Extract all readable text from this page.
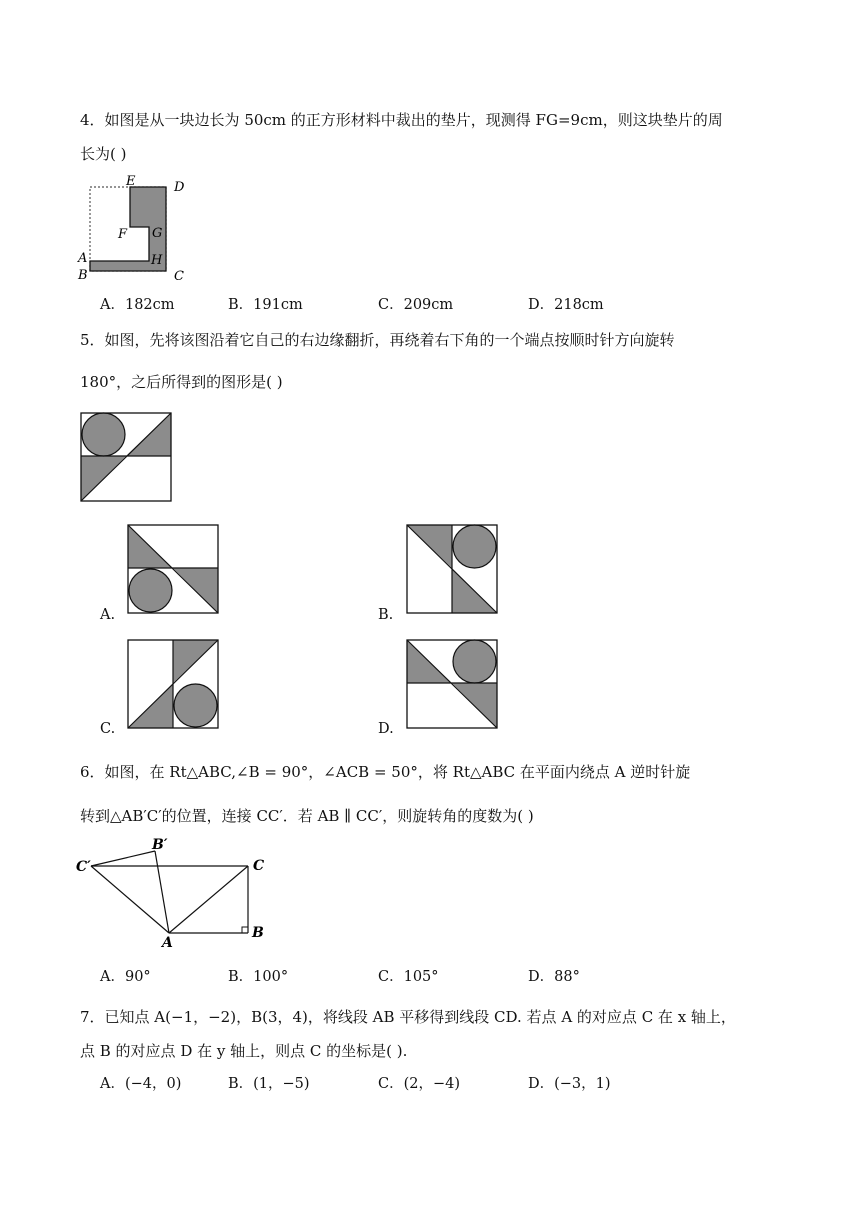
4．如图是从一块边长为 50cm 的正方形材料中裁出的垫片，现测得 FG=9cm，则这块垫片的周
长为( )
E	D
F G
A	H
B	C
A．182cm	B．191cm	C．209cm	D．218cm
5．如图，先将该图沿着它自己的右边缘翻折，再绕着右下角的一个端点按顺时针方向旋转
180°，之后所得到的图形是( )
A.	B.
C.	D.
6．如图，在 Rt△ABC,∠B = 90°，∠ACB = 50°，将 Rt△ABC 在平面内绕点 A 逆时针旋
转到△AB′C′的位置，连接 CC′．若 AB ∥ CC′，则旋转角的度数为( )
C′
B′
C
A
B
A．90°	B．100°	C．105°	D．88°
7．已知点 A(−1，−2)，B(3，4)，将线段 AB 平移得到线段 CD. 若点 A 的对应点 C 在 x 轴上，
点 B 的对应点 D 在 y 轴上，则点 C 的坐标是( ).
A．(−4，0)	B．(1，−5)	C．(2，−4)	D．(−3，1)
